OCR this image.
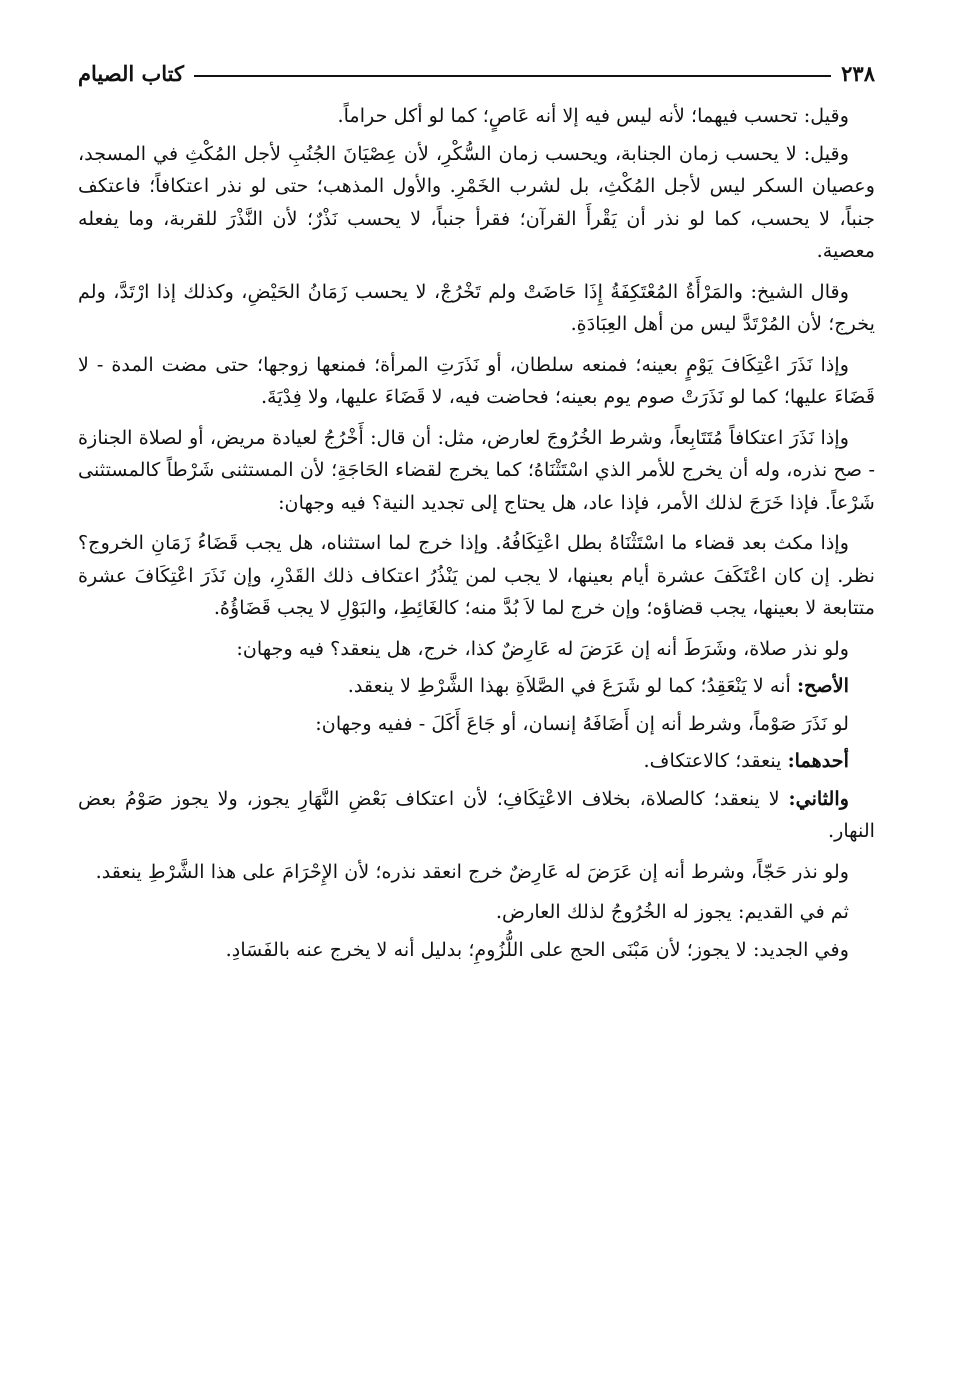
٢٣٨
كتاب الصيام

وقيل: تحسب فيهما؛ لأنه ليس فيه إلا أنه عَاصٍ؛ كما لو أكل حراماً.

وقيل: لا يحسب زمان الجنابة، ويحسب زمان السُّكْرِ، لأن عِصْيَانَ الجُنُبِ لأجل المُكْثِ في المسجد، وعصيان السكر ليس لأجل المُكْثِ، بل لشرب الخَمْرِ. والأول المذهب؛ حتى لو نذر اعتكافاً؛ فاعتكف جنباً، لا يحسب، كما لو نذر أن يَقْرأَ القرآن؛ فقرأ جنباً، لا يحسب نَذْرٌ؛ لأن النَّذْرَ للقربة، وما يفعله معصية.

وقال الشيخ: والمَرْأَةُ المُعْتَكِفَةُ إِذَا حَاضَتْ ولم تَخْرُجْ، لا يحسب زَمَانُ الحَيْضِ، وكذلك إذا ارْتَدَّ، ولم يخرج؛ لأن المُرْتَدَّ ليس من أهل العِبَادَةِ.

وإذا نَذَرَ اعْتِكَافَ يَوْمٍ بعينه؛ فمنعه سلطان، أو نَذَرَتِ المرأة؛ فمنعها زوجها؛ حتى مضت المدة - لا قَضَاءَ عليها؛ كما لو نَذَرَتْ صوم يوم بعينه؛ فحاضت فيه، لا قَضَاءَ عليها، ولا فِدْيَةَ.

وإذا نَذَرَ اعتكافاً مُتَتَابِعاً، وشرط الخُرُوجَ لعارض، مثل: أن قال: أَخْرُجُ لعيادة مريض، أو لصلاة الجنازة - صح نذره، وله أن يخرج للأمر الذي اسْتَثْنَاهُ؛ كما يخرج لقضاء الحَاجَةِ؛ لأن المستثنى شَرْطاً كالمستثنى شَرْعاً. فإذا خَرَجَ لذلك الأمر، فإذا عاد، هل يحتاج إلى تجديد النية؟ فيه وجهان:

وإذا مكث بعد قضاء ما اسْتَثْنَاهُ بطل اعْتِكَافُهُ. وإذا خرج لما استثناه، هل يجب قَضَاءُ زَمَانِ الخروج؟ نظر. إن كان اعْتَكَفَ عشرة أيام بعينها، لا يجب لمن يَنْذُرُ اعتكاف ذلك القَدْرِ، وإن نَذَرَ اعْتِكَافَ عشرة متتابعة لا بعينها، يجب قضاؤه؛ وإن خرج لما لاَ بُدَّ منه؛ كالغَائِطِ، والبَوْلِ لا يجب قَضَاؤُهُ.

ولو نذر صلاة، وشَرَطَ أنه إن عَرَضَ له عَارِضٌ كذا، خرج، هل ينعقد؟ فيه وجهان:

الأصح: أنه لا يَنْعَقِدُ؛ كما لو شَرَعَ في الصَّلاَةِ بهذا الشَّرْطِ لا ينعقد.

لو نَذَرَ صَوْماً، وشرط أنه إن أَضَافَهُ إنسان، أو جَاعَ أَكَلَ - ففيه وجهان:

أحدهما: ينعقد؛ كالاعتكاف.

والثاني: لا ينعقد؛ كالصلاة، بخلاف الاعْتِكَافِ؛ لأن اعتكاف بَعْضِ النَّهَارِ يجوز، ولا يجوز صَوْمُ بعض النهار.

ولو نذر حَجّاً، وشرط أنه إن عَرَضَ له عَارِضٌ خرج انعقد نذره؛ لأن الإِحْرَامَ على هذا الشَّرْطِ ينعقد.

ثم في القديم: يجوز له الخُرُوجُ لذلك العارض.

وفي الجديد: لا يجوز؛ لأن مَبْنَى الحج على اللُّزُومِ؛ بدليل أنه لا يخرج عنه بالفَسَادِ.
